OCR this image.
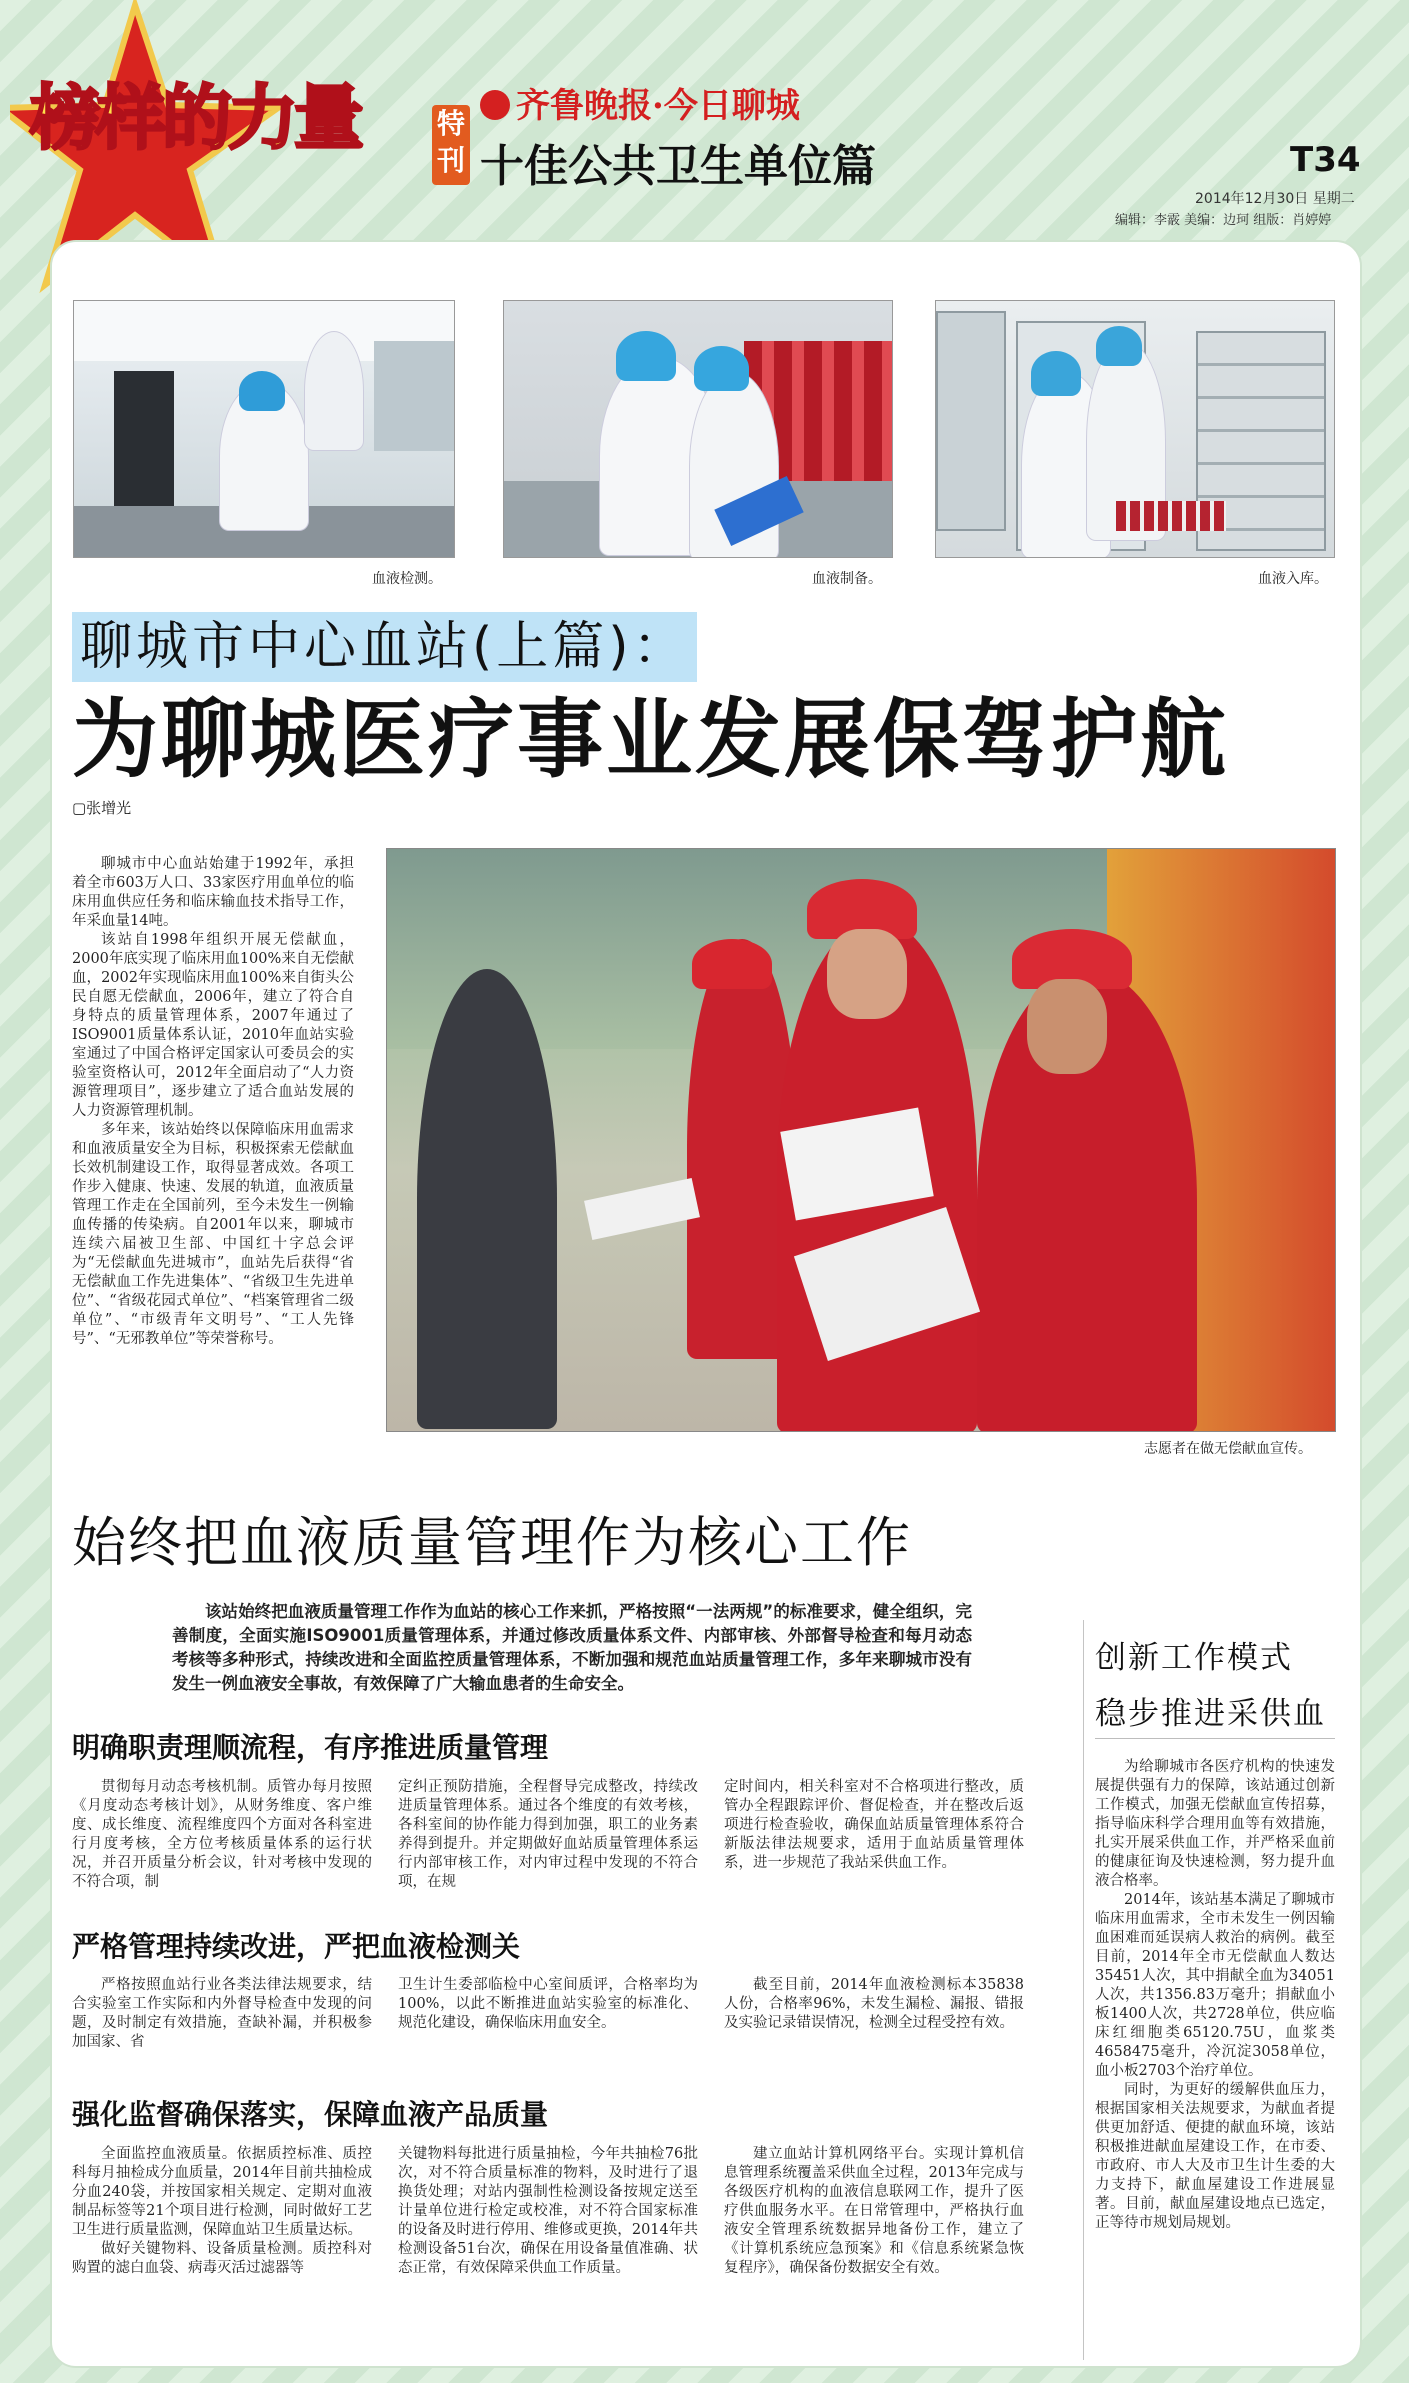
榜样的力量	特刊
齐鲁晚报·今日聊城
十佳公共卫生单位篇	T34
2014年12月30日 星期二
编辑：李霰 美编：边珂 组版：肖婷婷
血液检测。	血液制备。	血液入库。
聊城市中心血站(上篇)：
为聊城医疗事业发展保驾护航
▢张增光

聊城市中心血站始建于1992年，承担着全市603万人口、33家医疗用血单位的临床用血供应任务和临床输血技术指导工作，年采血量14吨。

该站自1998年组织开展无偿献血，2000年底实现了临床用血100%来自无偿献血，2002年实现临床用血100%来自街头公民自愿无偿献血，2006年，建立了符合自身特点的质量管理体系，2007年通过了ISO9001质量体系认证，2010年血站实验室通过了中国合格评定国家认可委员会的实验室资格认可，2012年全面启动了“人力资源管理项目”，逐步建立了适合血站发展的人力资源管理机制。

多年来，该站始终以保障临床用血需求和血液质量安全为目标，积极探索无偿献血长效机制建设工作，取得显著成效。各项工作步入健康、快速、发展的轨道，血液质量管理工作走在全国前列，至今未发生一例输血传播的传染病。自2001年以来，聊城市连续六届被卫生部、中国红十字总会评为“无偿献血先进城市”，血站先后获得“省无偿献血工作先进集体”、“省级卫生先进单位”、“省级花园式单位”、“档案管理省二级单位”、“市级青年文明号”、“工人先锋号”、“无邪教单位”等荣誉称号。

志愿者在做无偿献血宣传。
始终把血液质量管理作为核心工作
该站始终把血液质量管理工作作为血站的核心工作来抓，严格按照“一法两规”的标准要求，健全组织，完善制度，全面实施ISO9001质量管理体系，并通过修改质量体系文件、内部审核、外部督导检查和每月动态考核等多种形式，持续改进和全面监控质量管理体系，不断加强和规范血站质量管理工作，多年来聊城市没有发生一例血液安全事故，有效保障了广大输血患者的生命安全。
明确职责理顺流程，有序推进质量管理

贯彻每月动态考核机制。质管办每月按照《月度动态考核计划》，从财务维度、客户维度、成长维度、流程维度四个方面对各科室进行月度考核，全方位考核质量体系的运行状况，并召开质量分析会议，针对考核中发现的不符合项，制

定纠正预防措施，全程督导完成整改，持续改进质量管理体系。通过各个维度的有效考核，各科室间的协作能力得到加强，职工的业务素养得到提升。并定期做好血站质量管理体系运行内部审核工作，对内审过程中发现的不符合项，在规

定时间内，相关科室对不合格项进行整改，质管办全程跟踪评价、督促检查，并在整改后返项进行检查验收，确保血站质量管理体系符合新版法律法规要求，适用于血站质量管理体系，进一步规范了我站采供血工作。

严格管理持续改进，严把血液检测关

严格按照血站行业各类法律法规要求，结合实验室工作实际和内外督导检查中发现的问题，及时制定有效措施，查缺补漏，并积极参加国家、省

卫生计生委部临检中心室间质评，合格率均为100%，以此不断推进血站实验室的标准化、规范化建设，确保临床用血安全。

截至目前，2014年血液检测标本35838人份，合格率96%，未发生漏检、漏报、错报及实验记录错误情况，检测全过程受控有效。

强化监督确保落实，保障血液产品质量

全面监控血液质量。依据质控标准、质控科每月抽检成分血质量，2014年目前共抽检成分血240袋，并按国家相关规定、定期对血液制品标签等21个项目进行检测，同时做好工艺卫生进行质量监测，保障血站卫生质量达标。

做好关键物料、设备质量检测。质控科对购置的滤白血袋、病毒灭活过滤器等

关键物料每批进行质量抽检，今年共抽检76批次，对不符合质量标准的物料，及时进行了退换货处理；对站内强制性检测设备按规定送至计量单位进行检定或校准，对不符合国家标准的设备及时进行停用、维修或更换，2014年共检测设备51台次，确保在用设备量值准确、状态正常，有效保障采供血工作质量。

建立血站计算机网络平台。实现计算机信息管理系统覆盖采供血全过程，2013年完成与各级医疗机构的血液信息联网工作，提升了医疗供血服务水平。在日常管理中，严格执行血液安全管理系统数据异地备份工作，建立了《计算机系统应急预案》和《信息系统紧急恢复程序》，确保备份数据安全有效。

创新工作模式
稳步推进采供血

为给聊城市各医疗机构的快速发展提供强有力的保障，该站通过创新工作模式，加强无偿献血宣传招募，指导临床科学合理用血等有效措施，扎实开展采供血工作，并严格采血前的健康征询及快速检测，努力提升血液合格率。

2014年，该站基本满足了聊城市临床用血需求，全市未发生一例因输血困难而延误病人救治的病例。截至目前，2014年全市无偿献血人数达35451人次，其中捐献全血为34051人次，共1356.83万毫升；捐献血小板1400人次，共2728单位，供应临床红细胞类65120.75U，血浆类4658475毫升，冷沉淀3058单位，血小板2703个治疗单位。

同时，为更好的缓解供血压力，根据国家相关法规要求，为献血者提供更加舒适、便捷的献血环境，该站积极推进献血屋建设工作，在市委、市政府、市人大及市卫生计生委的大力支持下，献血屋建设工作进展显著。目前，献血屋建设地点已选定，正等待市规划局规划。
